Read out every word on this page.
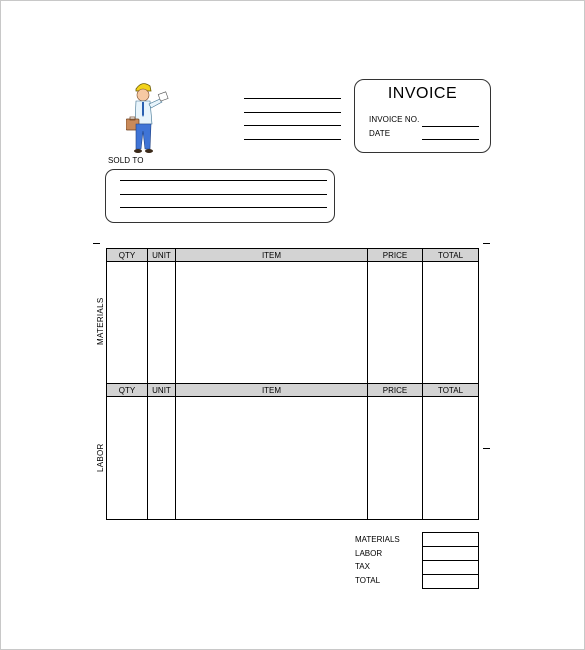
INVOICE
INVOICE NO.
DATE
SOLD TO
QTY	UNIT	ITEM	PRICE	TOTAL
QTY	UNIT	ITEM	PRICE	TOTAL
MATERIALS
LABOR
MATERIALS
LABOR
TAX
TOTAL
